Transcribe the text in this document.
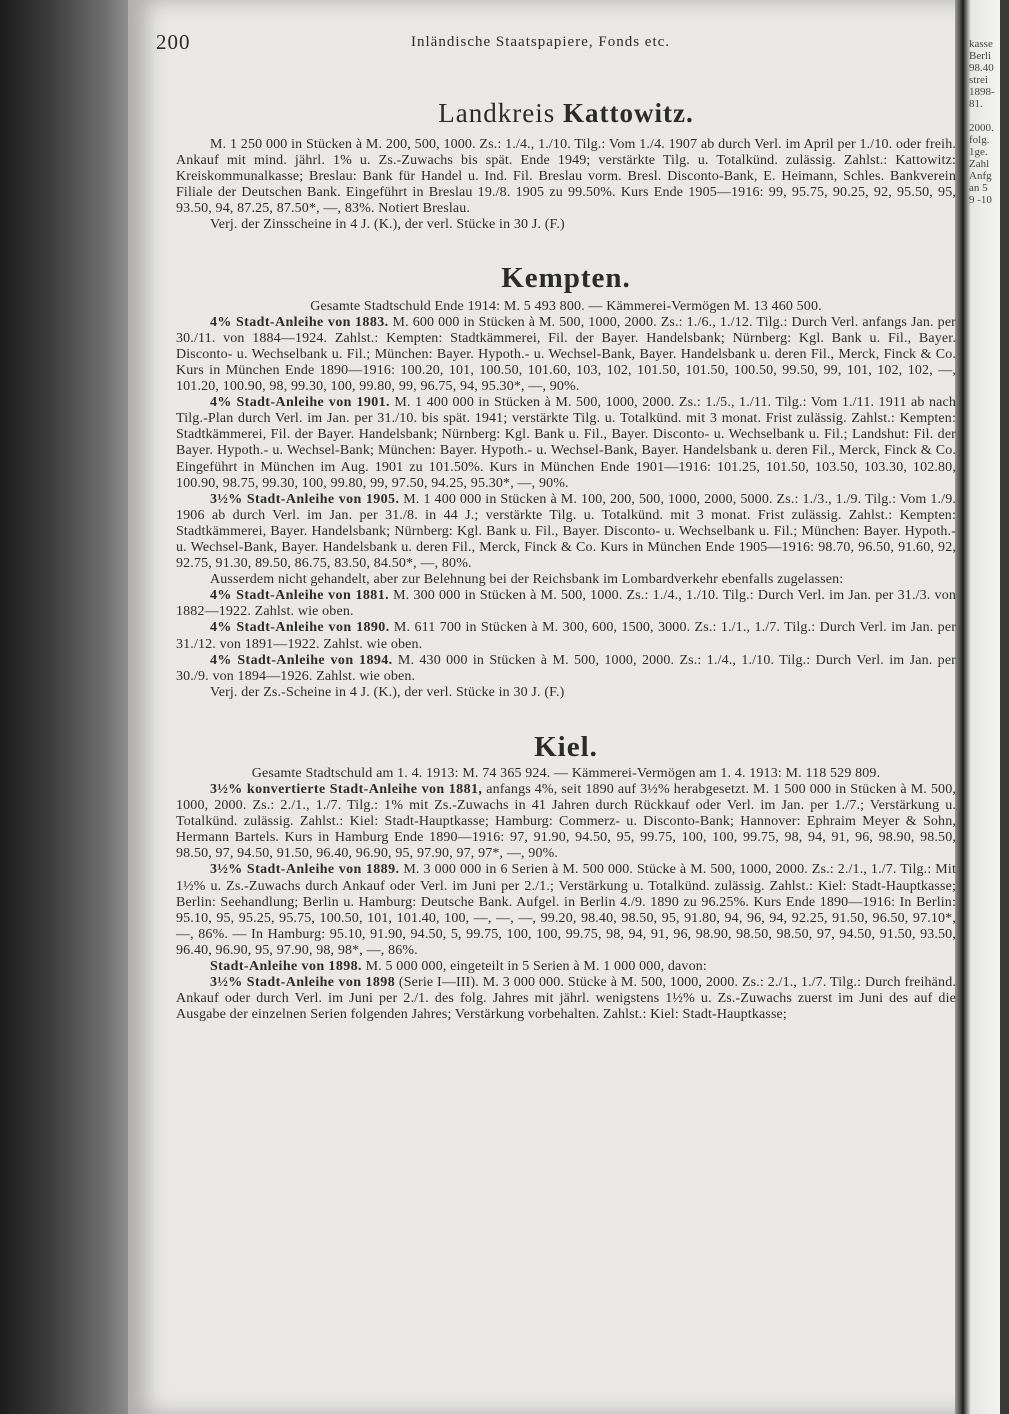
kasse
Berli
98.40
strei
1898-
81.

2000.
folg.
1ge.
Zahl
Anfg
an 5
9 -10
200	Inländische Staatspapiere, Fonds etc.
Landkreis Kattowitz.

M. 1 250 000 in Stücken à M. 200, 500, 1000. Zs.: 1./4., 1./10. Tilg.: Vom 1./4. 1907 ab durch Verl. im April per 1./10. oder freih. Ankauf mit mind. jährl. 1% u. Zs.-Zuwachs bis spät. Ende 1949; verstärkte Tilg. u. Totalkünd. zulässig. Zahlst.: Kattowitz: Kreiskommunalkasse; Breslau: Bank für Handel u. Ind. Fil. Breslau vorm. Bresl. Disconto-Bank, E. Heimann, Schles. Bankverein Filiale der Deutschen Bank. Eingeführt in Breslau 19./8. 1905 zu 99.50%. Kurs Ende 1905—1916: 99, 95.75, 90.25, 92, 95.50, 95, 93.50, 94, 87.25, 87.50*, —, 83%. Notiert Breslau.

Verj. der Zinsscheine in 4 J. (K.), der verl. Stücke in 30 J. (F.)

Kempten.

Gesamte Stadtschuld Ende 1914: M. 5 493 800. — Kämmerei-Vermögen M. 13 460 500.

4% Stadt-Anleihe von 1883. M. 600 000 in Stücken à M. 500, 1000, 2000. Zs.: 1./6., 1./12. Tilg.: Durch Verl. anfangs Jan. per 30./11. von 1884—1924. Zahlst.: Kempten: Stadtkämmerei, Fil. der Bayer. Handelsbank; Nürnberg: Kgl. Bank u. Fil., Bayer. Disconto- u. Wechselbank u. Fil.; München: Bayer. Hypoth.- u. Wechsel-Bank, Bayer. Handelsbank u. deren Fil., Merck, Finck & Co. Kurs in München Ende 1890—1916: 100.20, 101, 100.50, 101.60, 103, 102, 101.50, 101.50, 100.50, 99.50, 99, 101, 102, 102, —, 101.20, 100.90, 98, 99.30, 100, 99.80, 99, 96.75, 94, 95.30*, —, 90%.

4% Stadt-Anleihe von 1901. M. 1 400 000 in Stücken à M. 500, 1000, 2000. Zs.: 1./5., 1./11. Tilg.: Vom 1./11. 1911 ab nach Tilg.-Plan durch Verl. im Jan. per 31./10. bis spät. 1941; verstärkte Tilg. u. Totalkünd. mit 3 monat. Frist zulässig. Zahlst.: Kempten: Stadtkämmerei, Fil. der Bayer. Handelsbank; Nürnberg: Kgl. Bank u. Fil., Bayer. Disconto- u. Wechselbank u. Fil.; Landshut: Fil. der Bayer. Hypoth.- u. Wechsel-Bank; München: Bayer. Hypoth.- u. Wechsel-Bank, Bayer. Handelsbank u. deren Fil., Merck, Finck & Co. Eingeführt in München im Aug. 1901 zu 101.50%. Kurs in München Ende 1901—1916: 101.25, 101.50, 103.50, 103.30, 102.80, 100.90, 98.75, 99.30, 100, 99.80, 99, 97.50, 94.25, 95.30*, —, 90%.

3½% Stadt-Anleihe von 1905. M. 1 400 000 in Stücken à M. 100, 200, 500, 1000, 2000, 5000. Zs.: 1./3., 1./9. Tilg.: Vom 1./9. 1906 ab durch Verl. im Jan. per 31./8. in 44 J.; verstärkte Tilg. u. Totalkünd. mit 3 monat. Frist zulässig. Zahlst.: Kempten: Stadtkämmerei, Bayer. Handelsbank; Nürnberg: Kgl. Bank u. Fil., Bayer. Disconto- u. Wechselbank u. Fil.; München: Bayer. Hypoth.- u. Wechsel-Bank, Bayer. Handelsbank u. deren Fil., Merck, Finck & Co. Kurs in München Ende 1905—1916: 98.70, 96.50, 91.60, 92, 92.75, 91.30, 89.50, 86.75, 83.50, 84.50*, —, 80%.

Ausserdem nicht gehandelt, aber zur Belehnung bei der Reichsbank im Lombardverkehr ebenfalls zugelassen:

4% Stadt-Anleihe von 1881. M. 300 000 in Stücken à M. 500, 1000. Zs.: 1./4., 1./10. Tilg.: Durch Verl. im Jan. per 31./3. von 1882—1922. Zahlst. wie oben.

4% Stadt-Anleihe von 1890. M. 611 700 in Stücken à M. 300, 600, 1500, 3000. Zs.: 1./1., 1./7. Tilg.: Durch Verl. im Jan. per 31./12. von 1891—1922. Zahlst. wie oben.

4% Stadt-Anleihe von 1894. M. 430 000 in Stücken à M. 500, 1000, 2000. Zs.: 1./4., 1./10. Tilg.: Durch Verl. im Jan. per 30./9. von 1894—1926. Zahlst. wie oben.

Verj. der Zs.-Scheine in 4 J. (K.), der verl. Stücke in 30 J. (F.)

Kiel.

Gesamte Stadtschuld am 1. 4. 1913: M. 74 365 924. — Kämmerei-Vermögen am 1. 4. 1913: M. 118 529 809.

3½% konvertierte Stadt-Anleihe von 1881, anfangs 4%, seit 1890 auf 3½% herabgesetzt. M. 1 500 000 in Stücken à M. 500, 1000, 2000. Zs.: 2./1., 1./7. Tilg.: 1% mit Zs.-Zuwachs in 41 Jahren durch Rückkauf oder Verl. im Jan. per 1./7.; Verstärkung u. Totalkünd. zulässig. Zahlst.: Kiel: Stadt-Hauptkasse; Hamburg: Commerz- u. Disconto-Bank; Hannover: Ephraim Meyer & Sohn, Hermann Bartels. Kurs in Hamburg Ende 1890—1916: 97, 91.90, 94.50, 95, 99.75, 100, 100, 99.75, 98, 94, 91, 96, 98.90, 98.50, 98.50, 97, 94.50, 91.50, 96.40, 96.90, 95, 97.90, 97, 97*, —, 90%.

3½% Stadt-Anleihe von 1889. M. 3 000 000 in 6 Serien à M. 500 000. Stücke à M. 500, 1000, 2000. Zs.: 2./1., 1./7. Tilg.: Mit 1½% u. Zs.-Zuwachs durch Ankauf oder Verl. im Juni per 2./1.; Verstärkung u. Totalkünd. zulässig. Zahlst.: Kiel: Stadt-Hauptkasse; Berlin: Seehandlung; Berlin u. Hamburg: Deutsche Bank. Aufgel. in Berlin 4./9. 1890 zu 96.25%. Kurs Ende 1890—1916: In Berlin: 95.10, 95, 95.25, 95.75, 100.50, 101, 101.40, 100, —, —, —, 99.20, 98.40, 98.50, 95, 91.80, 94, 96, 94, 92.25, 91.50, 96.50, 97.10*, —, 86%. — In Hamburg: 95.10, 91.90, 94.50, 5, 99.75, 100, 100, 99.75, 98, 94, 91, 96, 98.90, 98.50, 98.50, 97, 94.50, 91.50, 93.50, 96.40, 96.90, 95, 97.90, 98, 98*, —, 86%.

Stadt-Anleihe von 1898. M. 5 000 000, eingeteilt in 5 Serien à M. 1 000 000, davon:

3½% Stadt-Anleihe von 1898 (Serie I—III). M. 3 000 000. Stücke à M. 500, 1000, 2000. Zs.: 2./1., 1./7. Tilg.: Durch freihänd. Ankauf oder durch Verl. im Juni per 2./1. des folg. Jahres mit jährl. wenigstens 1½% u. Zs.-Zuwachs zuerst im Juni des auf die Ausgabe der einzelnen Serien folgenden Jahres; Verstärkung vorbehalten. Zahlst.: Kiel: Stadt-Hauptkasse;
